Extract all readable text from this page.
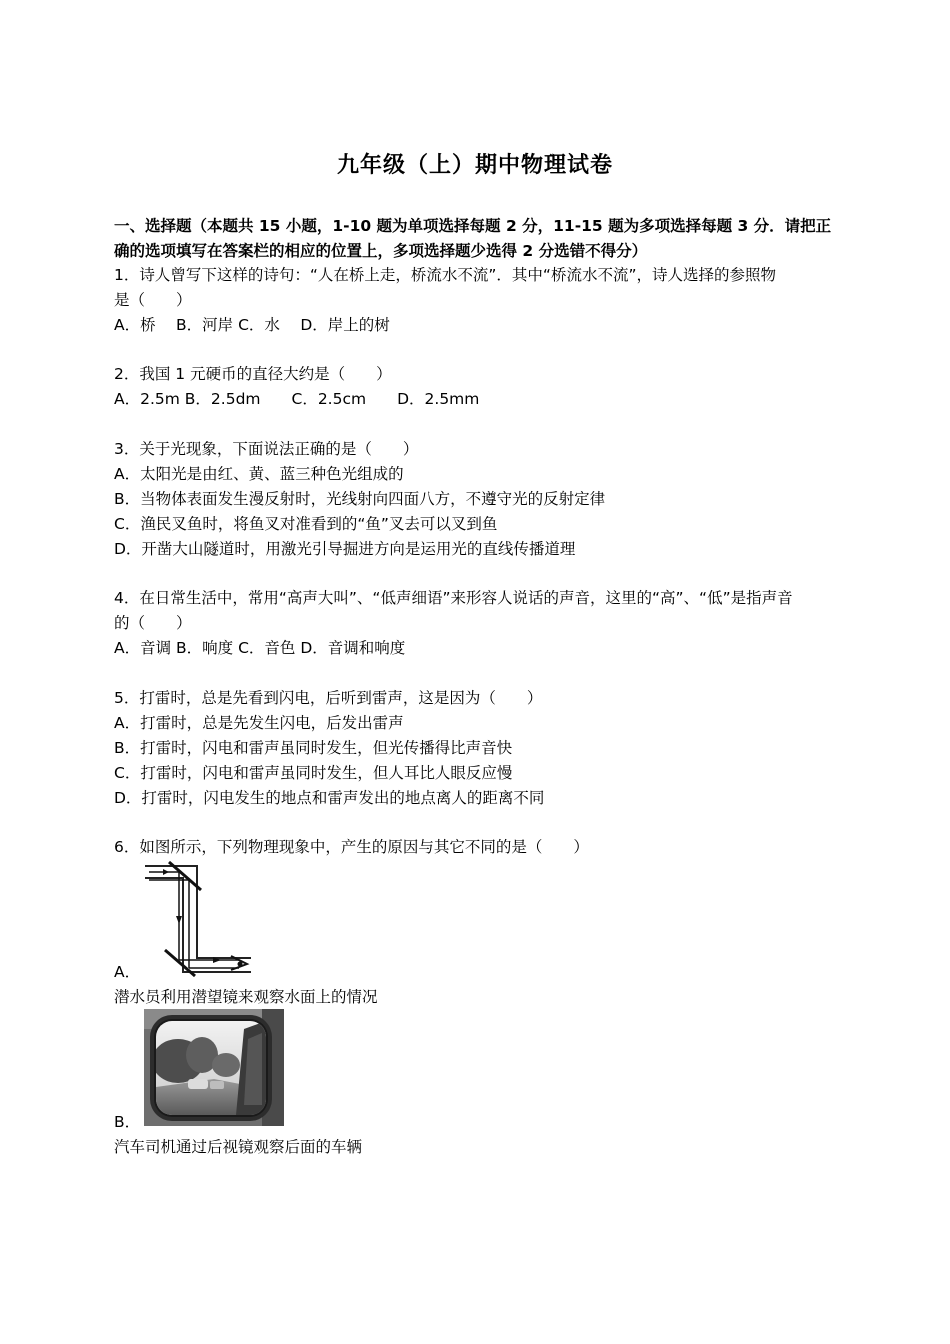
九年级（上）期中物理试卷
一、选择题（本题共 15 小题，1-10 题为单项选择每题 2 分，11-15 题为多项选择每题 3 分．请把正
确的选项填写在答案栏的相应的位置上，多项选择题少选得 2 分选错不得分）
1．诗人曾写下这样的诗句：“人在桥上走，桥流水不流”．其中“桥流水不流”，诗人选择的参照物
是（　　）
A．桥　 B．河岸 C．水　 D．岸上的树
2．我国 1 元硬币的直径大约是（　　）
A．2.5m B．2.5dm　　C．2.5cm　　D．2.5mm
3．关于光现象，下面说法正确的是（　　）
A．太阳光是由红、黄、蓝三种色光组成的
B．当物体表面发生漫反射时，光线射向四面八方，不遵守光的反射定律
C．渔民叉鱼时，将鱼叉对准看到的“鱼”叉去可以叉到鱼
D．开凿大山隧道时，用激光引导掘进方向是运用光的直线传播道理
4．在日常生活中，常用“高声大叫”、“低声细语”来形容人说话的声音，这里的“高”、“低”是指声音
的（　　）
A．音调 B．响度 C．音色 D．音调和响度
5．打雷时，总是先看到闪电，后听到雷声，这是因为（　　）
A．打雷时，总是先发生闪电，后发出雷声
B．打雷时，闪电和雷声虽同时发生，但光传播得比声音快
C．打雷时，闪电和雷声虽同时发生，但人耳比人眼反应慢
D．打雷时，闪电发生的地点和雷声发出的地点离人的距离不同
6．如图所示，下列物理现象中，产生的原因与其它不同的是（　　）
A．
潜水员利用潜望镜来观察水面上的情况
B．
汽车司机通过后视镜观察后面的车辆
